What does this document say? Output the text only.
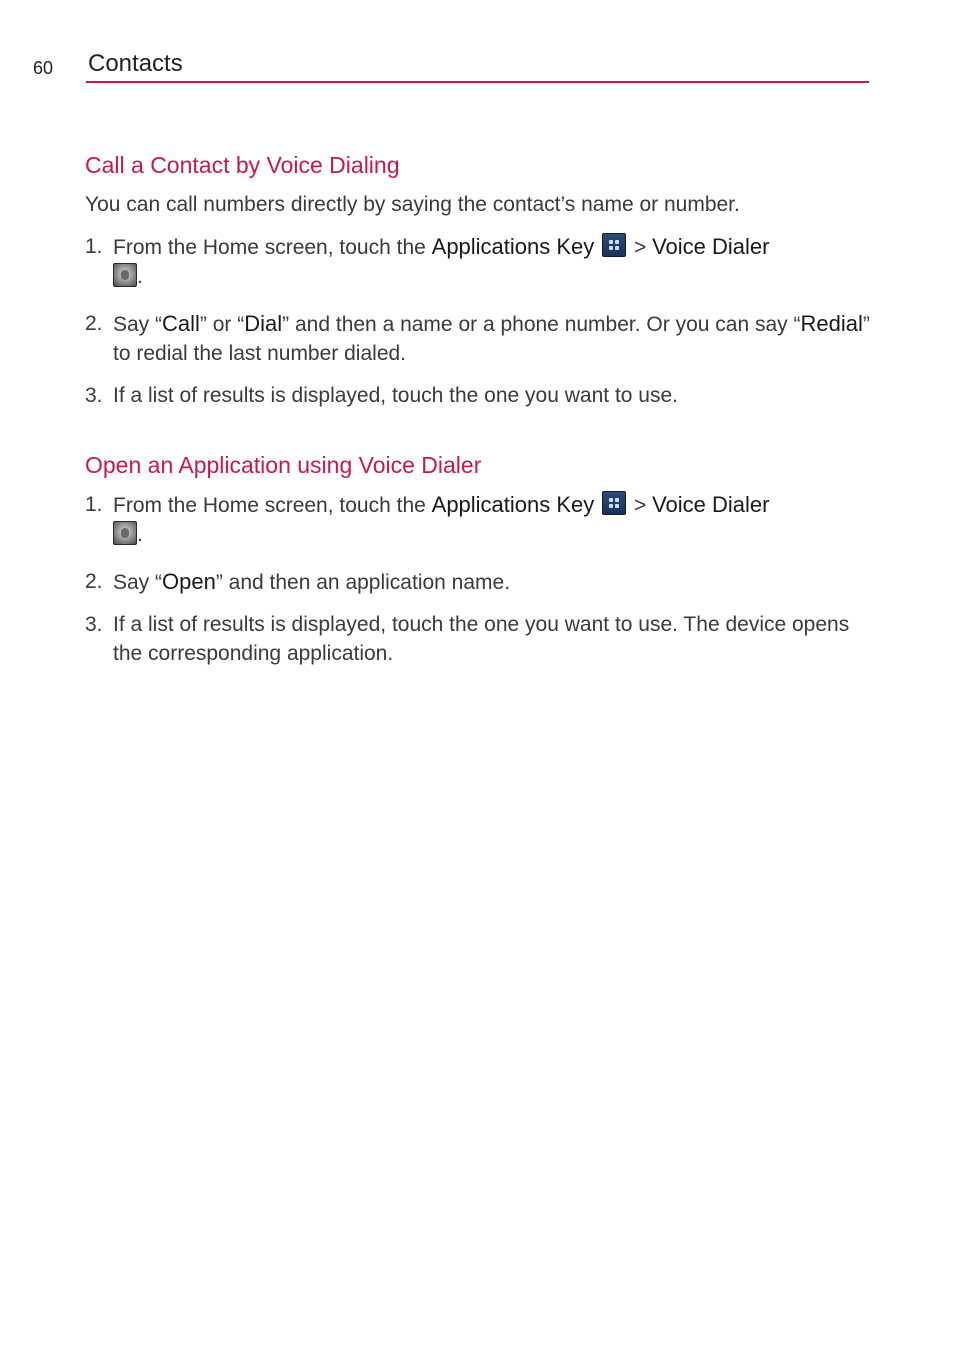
60 Contacts
Call a Contact by Voice Dialing

You can call numbers directly by saying the contact’s name or number.

1. From the Home screen, touch the Applications Key
> Voice Dialer
.
2. Say “Call” or “Dial” and then a name or a phone number. Or you can say “Redial” to redial the last number dialed.
3. If a list of results is displayed, touch the one you want to use.
Open an Application using Voice Dialer
1. From the Home screen, touch the Applications Key
> Voice Dialer
.
2. Say “Open” and then an application name.
3. If a list of results is displayed, touch the one you want to use. The device opens the corresponding application.
